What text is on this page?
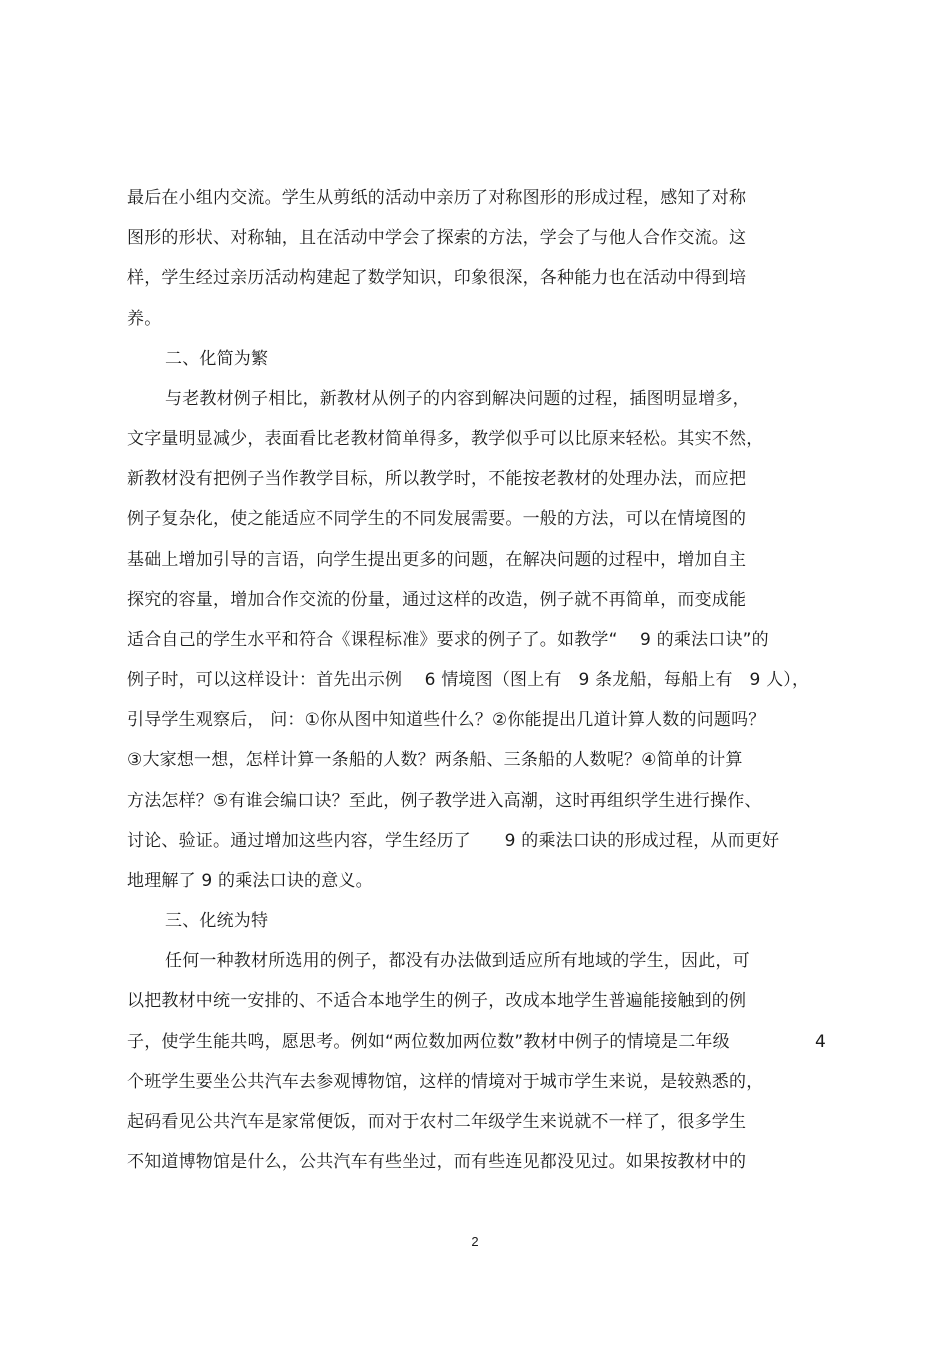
最后在小组内交流。学生从剪纸的活动中亲历了对称图形的形成过程，感知了对称
图形的形状、对称轴，且在活动中学会了探索的方法，学会了与他人合作交流。这
样，学生经过亲历活动构建起了数学知识，印象很深，各种能力也在活动中得到培
养。
二、化简为繁
与老教材例子相比，新教材从例子的内容到解决问题的过程，插图明显增多，
文字量明显减少，表面看比老教材简单得多，教学似乎可以比原来轻松。其实不然，
新教材没有把例子当作教学目标，所以教学时，不能按老教材的处理办法，而应把
例子复杂化，使之能适应不同学生的不同发展需要。一般的方法，可以在情境图的
基础上增加引导的言语，向学生提出更多的问题，在解决问题的过程中，增加自主
探究的容量，增加合作交流的份量，通过这样的改造，例子就不再简单，而变成能
适合自己的学生水平和符合《课程标准》要求的例子了。如教学“    9 的乘法口诀”的
例子时，可以这样设计：首先出示例    6 情境图（图上有   9 条龙船，每船上有   9 人），
引导学生观察后， 问：①你从图中知道些什么？②你能提出几道计算人数的问题吗？
③大家想一想，怎样计算一条船的人数？两条船、三条船的人数呢？④简单的计算
方法怎样？⑤有谁会编口诀？至此，例子教学进入高潮，这时再组织学生进行操作、
讨论、验证。通过增加这些内容，学生经历了      9 的乘法口诀的形成过程，从而更好
地理解了 9 的乘法口诀的意义。
三、化统为特
任何一种教材所选用的例子，都没有办法做到适应所有地域的学生，因此，可
以把教材中统一安排的、不适合本地学生的例子，改成本地学生普遍能接触到的例
子，使学生能共鸣，愿思考。例如“两位数加两位数”教材中例子的情境是二年级
个班学生要坐公共汽车去参观博物馆，这样的情境对于城市学生来说，是较熟悉的，
起码看见公共汽车是家常便饭，而对于农村二年级学生来说就不一样了，很多学生
不知道博物馆是什么，公共汽车有些坐过，而有些连见都没见过。如果按教材中的
4
2
